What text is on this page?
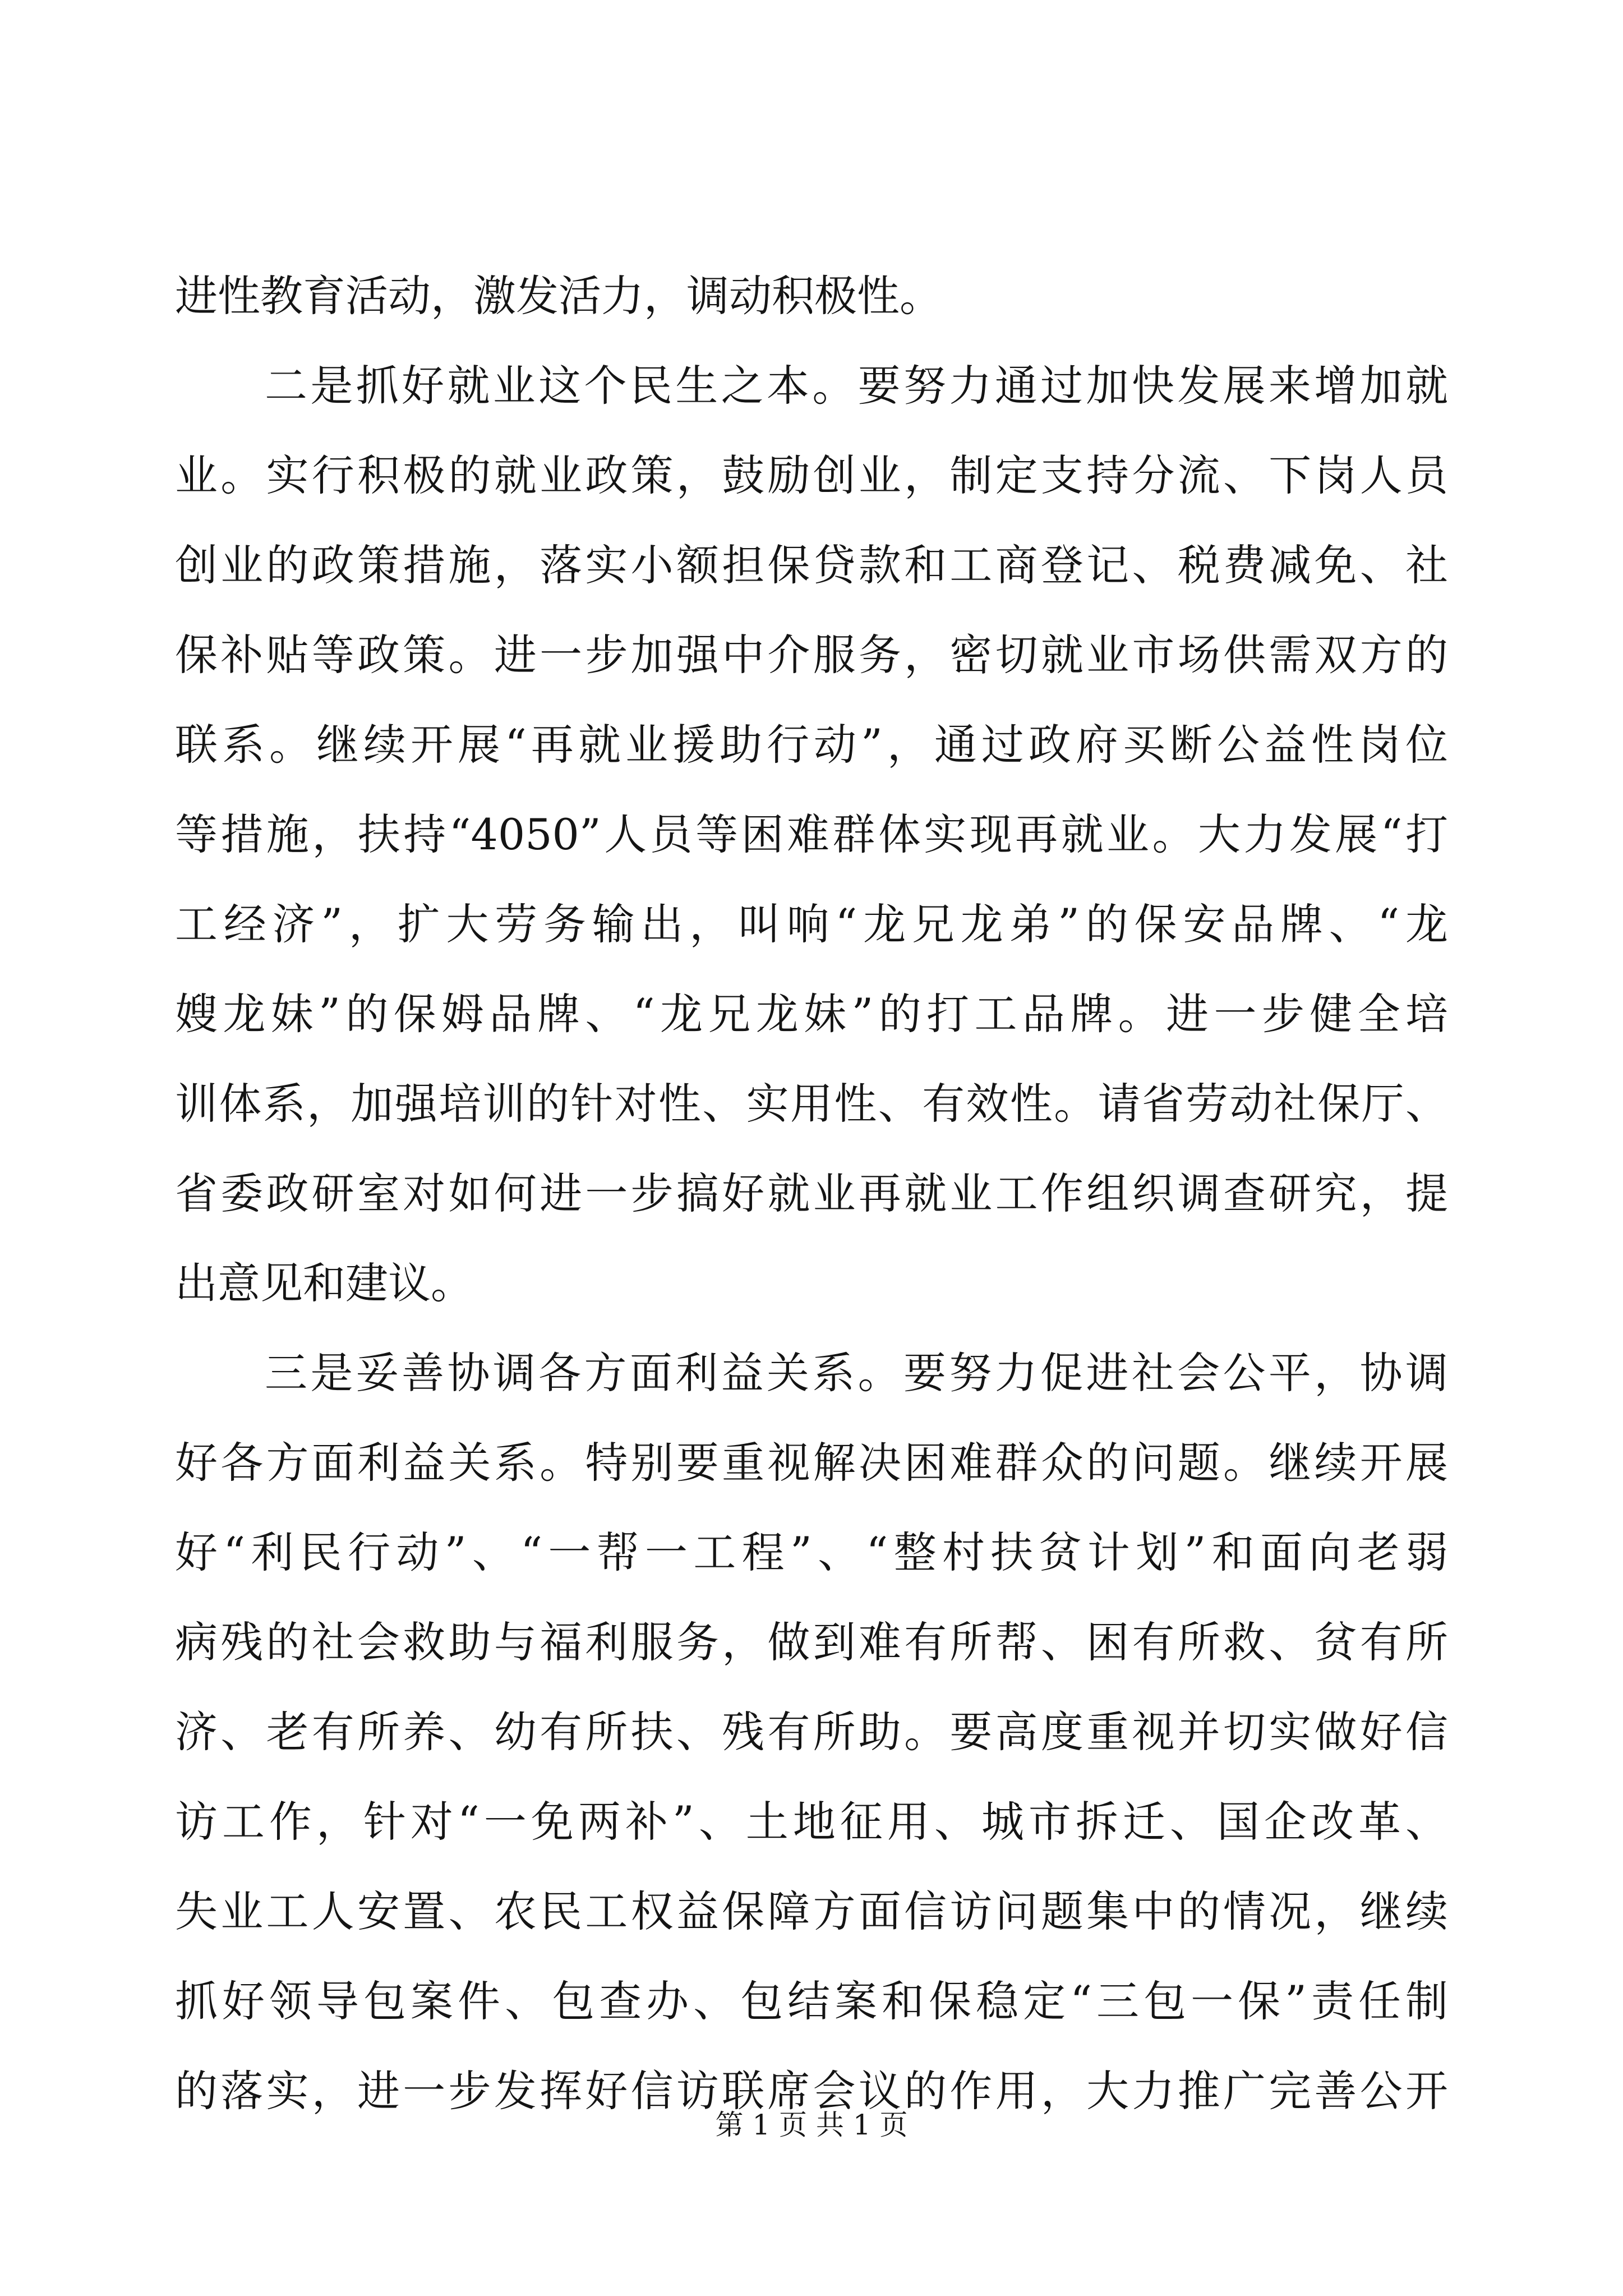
进性教育活动，激发活力，调动积极性。
二是抓好就业这个民生之本。要努力通过加快发展来增加就
业。实行积极的就业政策，鼓励创业，制定支持分流、下岗人员
创业的政策措施，落实小额担保贷款和工商登记、税费减免、社
保补贴等政策。进一步加强中介服务，密切就业市场供需双方的
联系。继续开展“再就业援助行动”，通过政府买断公益性岗位
等措施，扶持“4050”人员等困难群体实现再就业。大力发展“打
工经济”，扩大劳务输出，叫响“龙兄龙弟”的保安品牌、“龙
嫂龙妹”的保姆品牌、“龙兄龙妹”的打工品牌。进一步健全培
训体系，加强培训的针对性、实用性、有效性。请省劳动社保厅、
省委政研室对如何进一步搞好就业再就业工作组织调查研究，提
出意见和建议。
三是妥善协调各方面利益关系。要努力促进社会公平，协调
好各方面利益关系。特别要重视解决困难群众的问题。继续开展
好“利民行动”、“一帮一工程”、“整村扶贫计划”和面向老弱
病残的社会救助与福利服务，做到难有所帮、困有所救、贫有所
济、老有所养、幼有所扶、残有所助。要高度重视并切实做好信
访工作，针对“一免两补”、土地征用、城市拆迁、国企改革、
失业工人安置、农民工权益保障方面信访问题集中的情况，继续
抓好领导包案件、包查办、包结案和保稳定“三包一保”责任制
的落实，进一步发挥好信访联席会议的作用，大力推广完善公开
第 1 页 共 1 页
